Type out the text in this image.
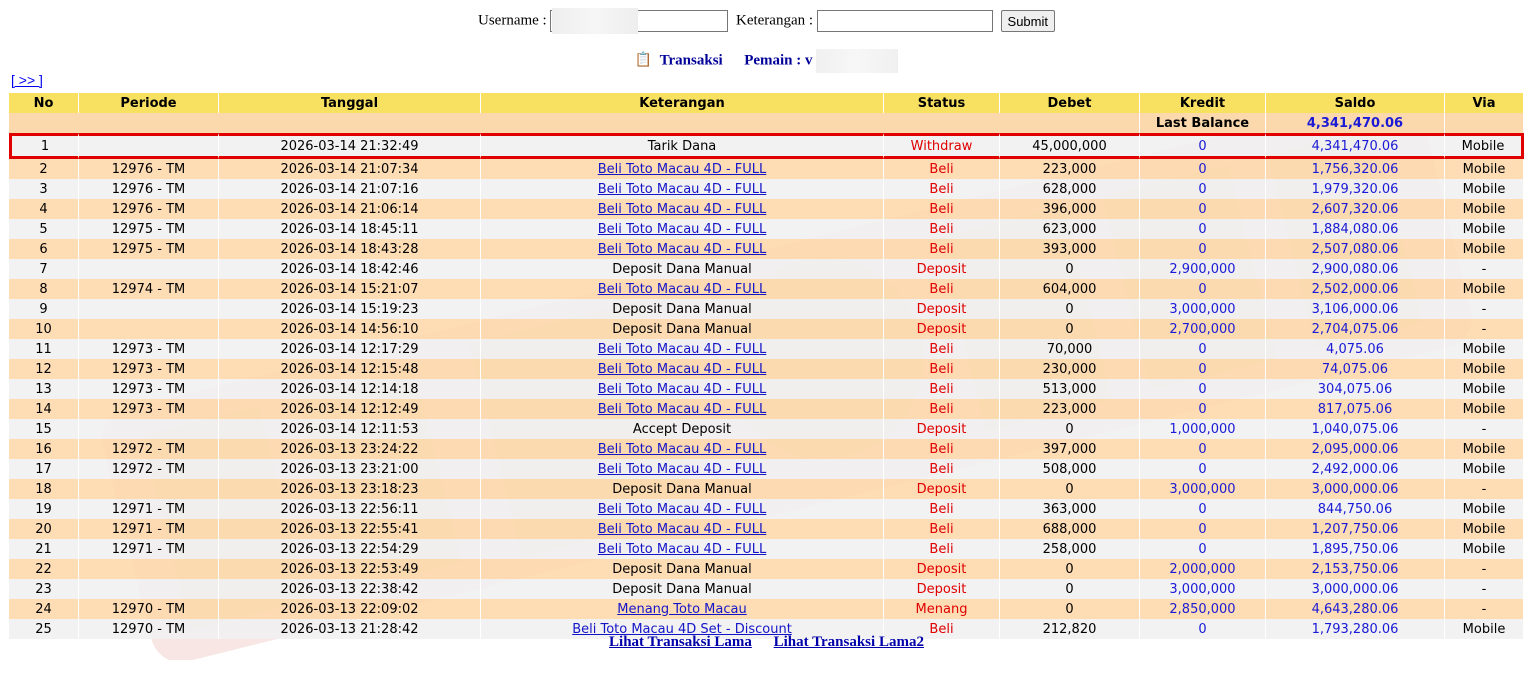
Username :	Keterangan :	Submit
📋 Transaksi Pemain : v
[ >> ]
No	Periode	Tanggal	Keterangan	Status	Debet	Kredit	Saldo	Via
						Last Balance	4,341,470.06	
1		2026-03-14 21:32:49	Tarik Dana	Withdraw	45,000,000	0	4,341,470.06	Mobile
2	12976 - TM	2026-03-14 21:07:34	Beli Toto Macau 4D - FULL	Beli	223,000	0	1,756,320.06	Mobile
3	12976 - TM	2026-03-14 21:07:16	Beli Toto Macau 4D - FULL	Beli	628,000	0	1,979,320.06	Mobile
4	12976 - TM	2026-03-14 21:06:14	Beli Toto Macau 4D - FULL	Beli	396,000	0	2,607,320.06	Mobile
5	12975 - TM	2026-03-14 18:45:11	Beli Toto Macau 4D - FULL	Beli	623,000	0	1,884,080.06	Mobile
6	12975 - TM	2026-03-14 18:43:28	Beli Toto Macau 4D - FULL	Beli	393,000	0	2,507,080.06	Mobile
7		2026-03-14 18:42:46	Deposit Dana Manual	Deposit	0	2,900,000	2,900,080.06	-
8	12974 - TM	2026-03-14 15:21:07	Beli Toto Macau 4D - FULL	Beli	604,000	0	2,502,000.06	Mobile
9		2026-03-14 15:19:23	Deposit Dana Manual	Deposit	0	3,000,000	3,106,000.06	-
10		2026-03-14 14:56:10	Deposit Dana Manual	Deposit	0	2,700,000	2,704,075.06	-
11	12973 - TM	2026-03-14 12:17:29	Beli Toto Macau 4D - FULL	Beli	70,000	0	4,075.06	Mobile
12	12973 - TM	2026-03-14 12:15:48	Beli Toto Macau 4D - FULL	Beli	230,000	0	74,075.06	Mobile
13	12973 - TM	2026-03-14 12:14:18	Beli Toto Macau 4D - FULL	Beli	513,000	0	304,075.06	Mobile
14	12973 - TM	2026-03-14 12:12:49	Beli Toto Macau 4D - FULL	Beli	223,000	0	817,075.06	Mobile
15		2026-03-14 12:11:53	Accept Deposit	Deposit	0	1,000,000	1,040,075.06	-
16	12972 - TM	2026-03-13 23:24:22	Beli Toto Macau 4D - FULL	Beli	397,000	0	2,095,000.06	Mobile
17	12972 - TM	2026-03-13 23:21:00	Beli Toto Macau 4D - FULL	Beli	508,000	0	2,492,000.06	Mobile
18		2026-03-13 23:18:23	Deposit Dana Manual	Deposit	0	3,000,000	3,000,000.06	-
19	12971 - TM	2026-03-13 22:56:11	Beli Toto Macau 4D - FULL	Beli	363,000	0	844,750.06	Mobile
20	12971 - TM	2026-03-13 22:55:41	Beli Toto Macau 4D - FULL	Beli	688,000	0	1,207,750.06	Mobile
21	12971 - TM	2026-03-13 22:54:29	Beli Toto Macau 4D - FULL	Beli	258,000	0	1,895,750.06	Mobile
22		2026-03-13 22:53:49	Deposit Dana Manual	Deposit	0	2,000,000	2,153,750.06	-
23		2026-03-13 22:38:42	Deposit Dana Manual	Deposit	0	3,000,000	3,000,000.06	-
24	12970 - TM	2026-03-13 22:09:02	Menang Toto Macau	Menang	0	2,850,000	4,643,280.06	-
25	12970 - TM	2026-03-13 21:28:42	Beli Toto Macau 4D Set - Discount	Beli	212,820	0	1,793,280.06	Mobile
Lihat Transaksi Lama Lihat Transaksi Lama2
